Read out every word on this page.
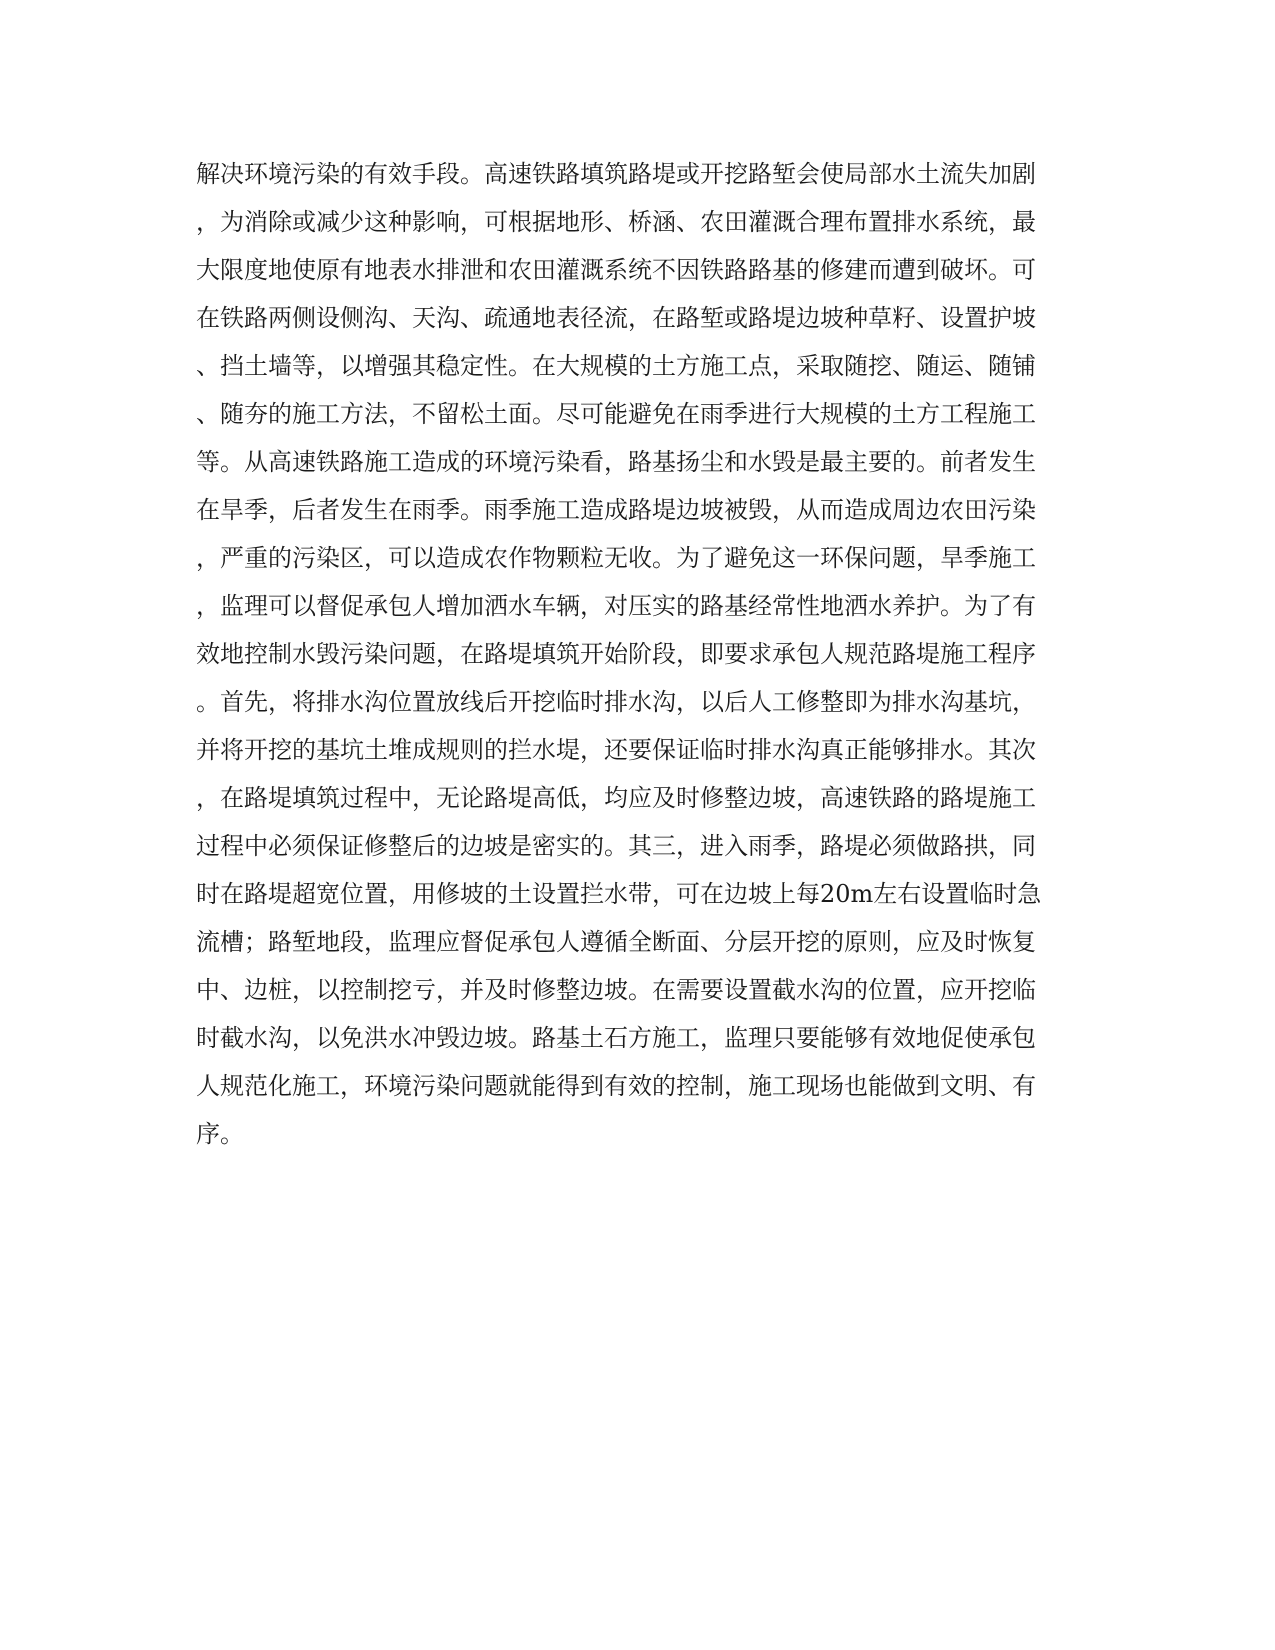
解决环境污染的有效手段。高速铁路填筑路堤或开挖路堑会使局部水土流失加剧
，为消除或减少这种影响，可根据地形、桥涵、农田灌溉合理布置排水系统，最
大限度地使原有地表水排泄和农田灌溉系统不因铁路路基的修建而遭到破坏。可
在铁路两侧设侧沟、天沟、疏通地表径流，在路堑或路堤边坡种草籽、设置护坡
、挡土墙等，以增强其稳定性。在大规模的土方施工点，采取随挖、随运、随铺
、随夯的施工方法，不留松土面。尽可能避免在雨季进行大规模的土方工程施工
等。从高速铁路施工造成的环境污染看，路基扬尘和水毁是最主要的。前者发生
在旱季，后者发生在雨季。雨季施工造成路堤边坡被毁，从而造成周边农田污染
，严重的污染区，可以造成农作物颗粒无收。为了避免这一环保问题，旱季施工
，监理可以督促承包人增加洒水车辆，对压实的路基经常性地洒水养护。为了有
效地控制水毁污染问题，在路堤填筑开始阶段，即要求承包人规范路堤施工程序
。首先，将排水沟位置放线后开挖临时排水沟，以后人工修整即为排水沟基坑，
并将开挖的基坑土堆成规则的拦水堤，还要保证临时排水沟真正能够排水。其次
，在路堤填筑过程中，无论路堤高低，均应及时修整边坡，高速铁路的路堤施工
过程中必须保证修整后的边坡是密实的。其三，进入雨季，路堤必须做路拱，同
时在路堤超宽位置，用修坡的土设置拦水带，可在边坡上每20m左右设置临时急
流槽；路堑地段，监理应督促承包人遵循全断面、分层开挖的原则，应及时恢复
中、边桩，以控制挖亏，并及时修整边坡。在需要设置截水沟的位置，应开挖临
时截水沟，以免洪水冲毁边坡。路基土石方施工，监理只要能够有效地促使承包
人规范化施工，环境污染问题就能得到有效的控制，施工现场也能做到文明、有
序。
